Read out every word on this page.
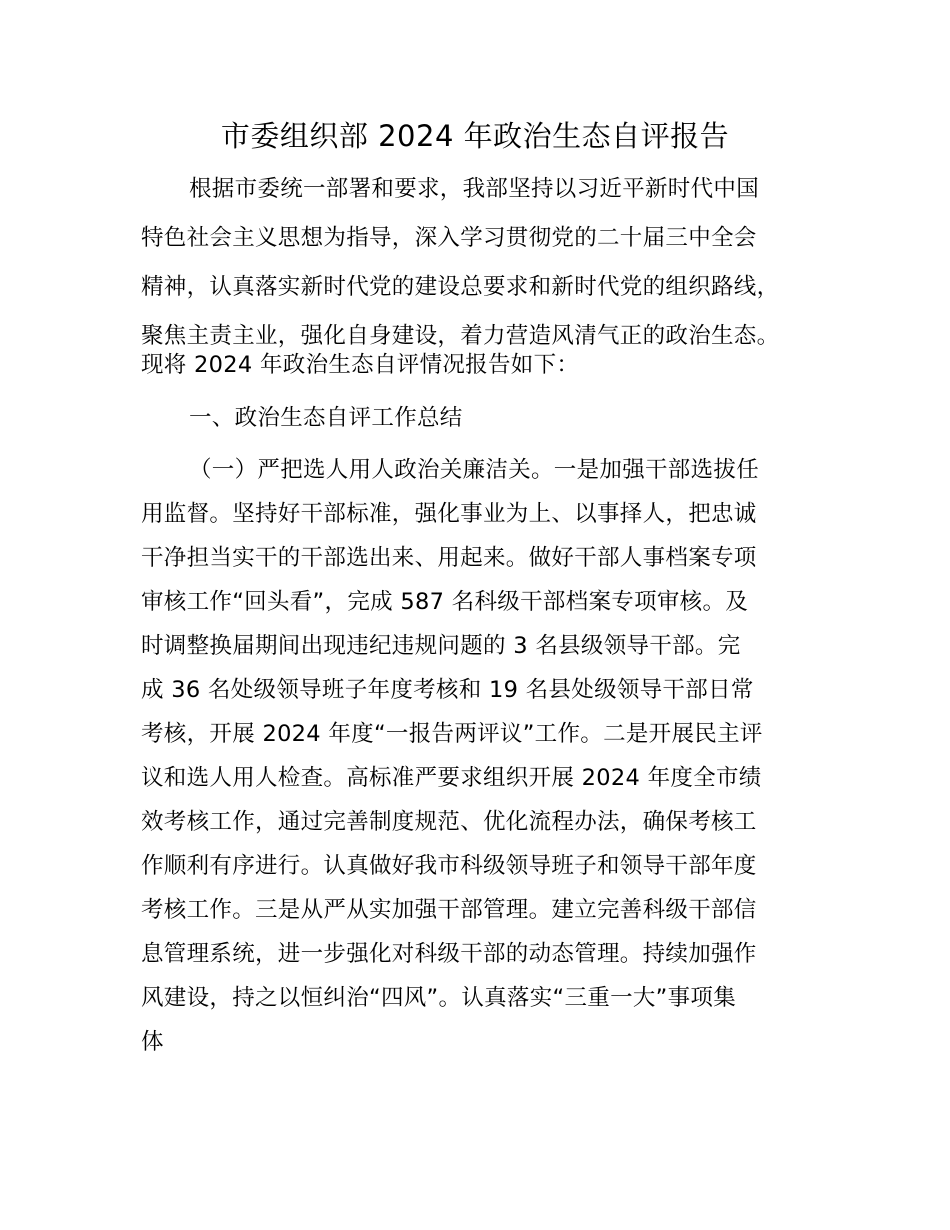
市委组织部 2024 年政治生态自评报告
根据市委统一部署和要求，我部坚持以习近平新时代中国
特色社会主义思想为指导，深入学习贯彻党的二十届三中全会
精神，认真落实新时代党的建设总要求和新时代党的组织路线，
聚焦主责主业，强化自身建设，着力营造风清气正的政治生态。
现将 2024 年政治生态自评情况报告如下：
一、政治生态自评工作总结
（一）严把选人用人政治关廉洁关。一是加强干部选拔任
用监督。坚持好干部标准，强化事业为上、以事择人，把忠诚
干净担当实干的干部选出来、用起来。做好干部人事档案专项
审核工作“回头看”，完成 587 名科级干部档案专项审核。及
时调整换届期间出现违纪违规问题的 3 名县级领导干部。完
成 36 名处级领导班子年度考核和 19 名县处级领导干部日常
考核，开展 2024 年度“一报告两评议”工作。二是开展民主评
议和选人用人检查。高标准严要求组织开展 2024 年度全市绩
效考核工作，通过完善制度规范、优化流程办法，确保考核工
作顺利有序进行。认真做好我市科级领导班子和领导干部年度
考核工作。三是从严从实加强干部管理。建立完善科级干部信
息管理系统，进一步强化对科级干部的动态管理。持续加强作
风建设，持之以恒纠治“四风”。认真落实“三重一大”事项集
体
